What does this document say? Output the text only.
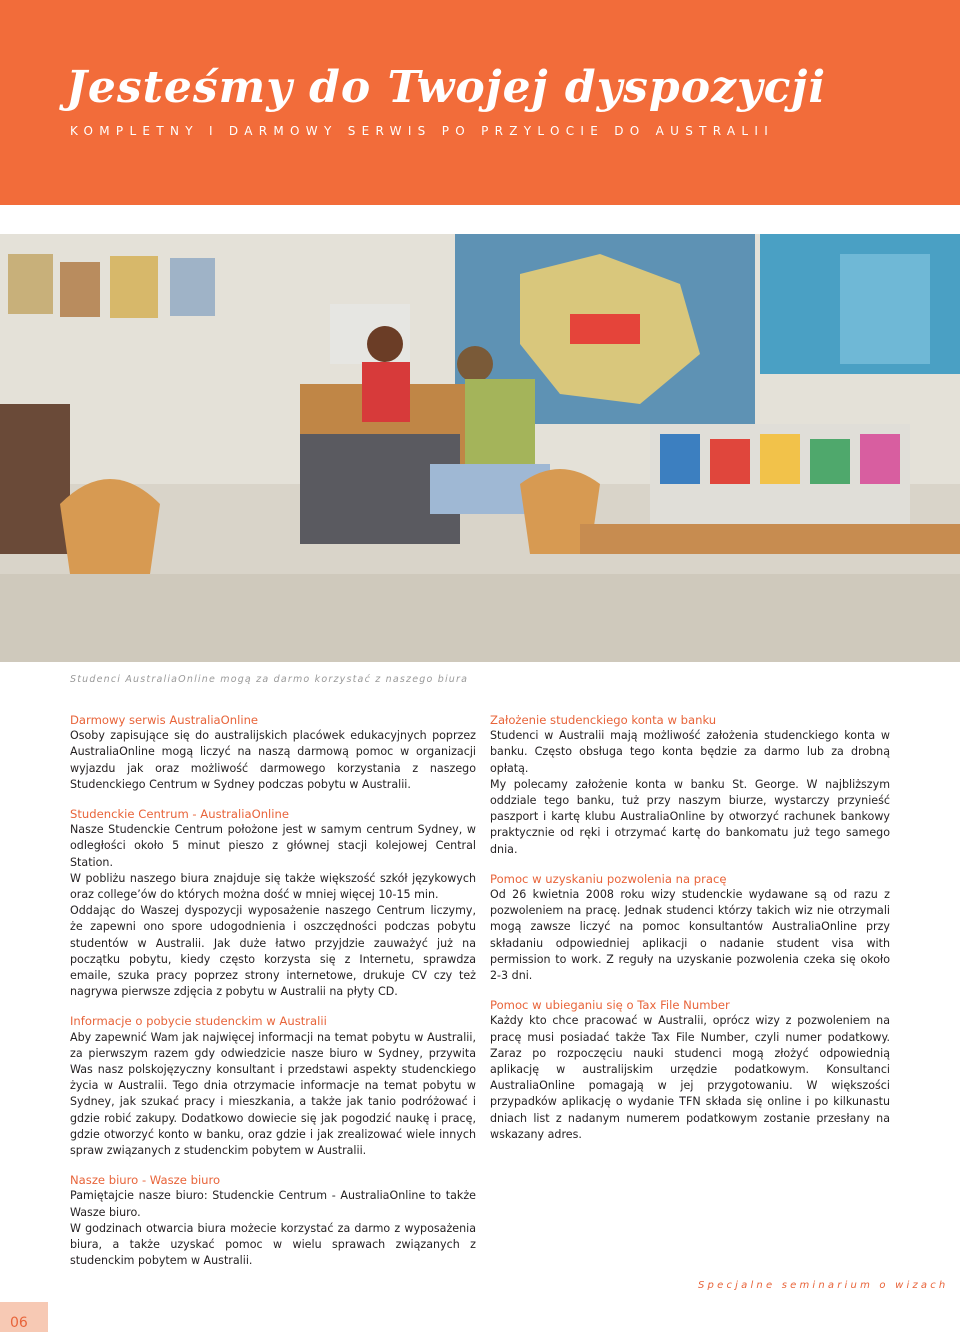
Jesteśmy do Twojej dyspozycji

KOMPLETNY I DARMOWY SERWIS PO PRZYLOCIE DO AUSTRALII

Studenci AustraliaOnline mogą za darmo korzystać z naszego biura

Darmowy serwis AustraliaOnline

Osoby zapisujące się do australijskich placówek edukacyjnych poprzez AustraliaOnline mogą liczyć na naszą darmową pomoc w organizacji wyjazdu jak oraz możliwość darmowego korzystania z naszego Studenckiego Centrum w Sydney podczas pobytu w Australii.

Studenckie Centrum - AustraliaOnline

Nasze Studenckie Centrum położone jest w samym centrum Sydney, w odległości około 5 minut pieszo z głównej stacji kolejowej Central Station.

W pobliżu naszego biura znajduje się także większość szkół językowych oraz college’ów do których można dość w mniej więcej 10-15 min.

Oddając do Waszej dyspozycji wyposażenie naszego Centrum liczymy, że zapewni ono spore udogodnienia i oszczędności podczas pobytu studentów w Australii. Jak duże łatwo przyjdzie zauważyć już na początku pobytu, kiedy często korzysta się z Internetu, sprawdza emaile, szuka pracy poprzez strony internetowe, drukuje CV czy też nagrywa pierwsze zdjęcia z pobytu w Australii na płyty CD.

Informacje o pobycie studenckim w Australii

Aby zapewnić Wam jak najwięcej informacji na temat pobytu w Australii, za pierwszym razem gdy odwiedzicie nasze biuro w Sydney, przywita Was nasz polskojęzyczny konsultant i przedstawi aspekty studenckiego życia w Australii. Tego dnia otrzymacie informacje na temat pobytu w Sydney, jak szukać pracy i mieszkania, a także jak tanio podróżować i gdzie robić zakupy. Dodatkowo dowiecie się jak pogodzić naukę i pracę, gdzie otworzyć konto w banku, oraz gdzie i jak zrealizować wiele innych spraw związanych z studenckim pobytem w Australii.

Nasze biuro - Wasze biuro

Pamiętajcie nasze biuro: Studenckie Centrum - AustraliaOnline to także Wasze biuro.

W godzinach otwarcia biura możecie korzystać za darmo z wyposażenia biura, a także uzyskać pomoc w wielu sprawach związanych z studenckim pobytem w Australii.

Założenie studenckiego konta w banku

Studenci w Australii mają możliwość założenia studenckiego konta w banku. Często obsługa tego konta będzie za darmo lub za drobną opłatą.

My polecamy założenie konta w banku St. George. W najbliższym oddziale tego banku, tuż przy naszym biurze, wystarczy przynieść paszport i kartę klubu AustraliaOnline by otworzyć rachunek bankowy praktycznie od ręki i otrzymać kartę do bankomatu już tego samego dnia.

Pomoc w uzyskaniu pozwolenia na pracę

Od 26 kwietnia 2008 roku wizy studenckie wydawane są od razu z pozwoleniem na pracę. Jednak studenci którzy takich wiz nie otrzymali mogą zawsze liczyć na pomoc konsultantów AustraliaOnline przy składaniu odpowiedniej aplikacji o nadanie student visa with permission to work. Z reguły na uzyskanie pozwolenia czeka się około 2-3 dni.

Pomoc w ubieganiu się o Tax File Number

Każdy kto chce pracować w Australii, oprócz wizy z pozwoleniem na pracę musi posiadać także Tax File Number, czyli numer podatkowy. Zaraz po rozpoczęciu nauki studenci mogą złożyć odpowiednią aplikację w australijskim urzędzie podatkowym. Konsultanci AustraliaOnline pomagają w jej przygotowaniu. W większości przypadków aplikację o wydanie TFN składa się online i po kilkunastu dniach list z nadanym numerem podatkowym zostanie przesłany na wskazany adres.

Specjalne seminarium o wizach
06
